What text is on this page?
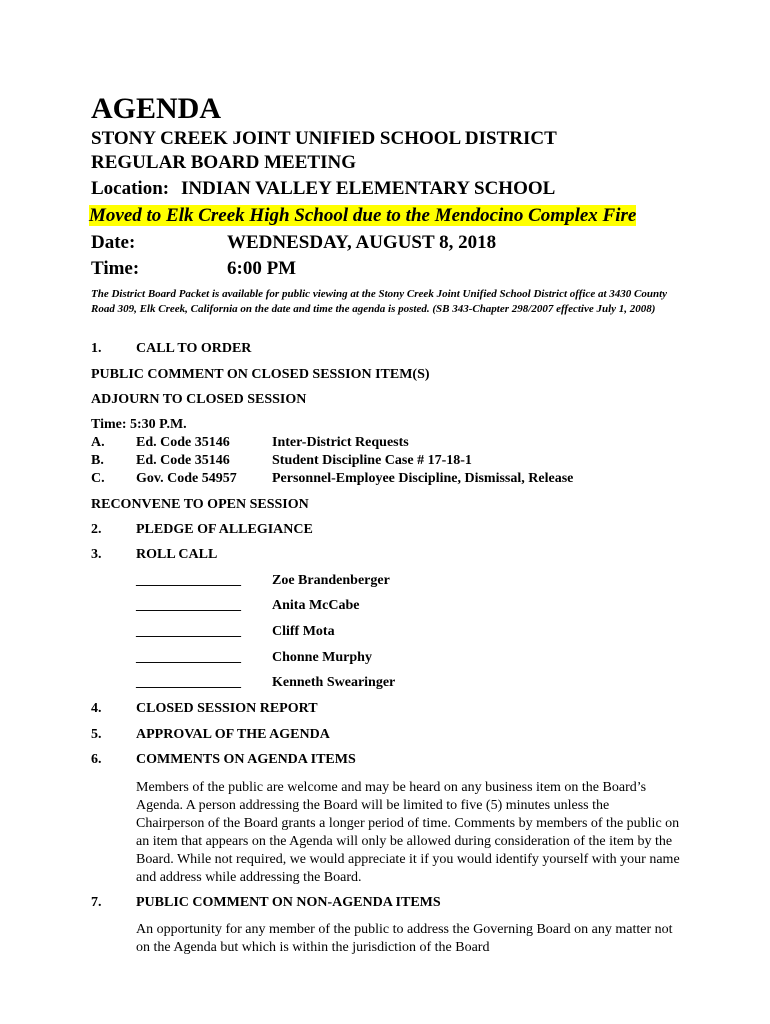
AGENDA
STONY CREEK JOINT UNIFIED SCHOOL DISTRICT
REGULAR BOARD MEETING
Location: INDIAN VALLEY ELEMENTARY SCHOOL
Moved to Elk Creek High School due to the Mendocino Complex Fire
Date:	WEDNESDAY, AUGUST 8, 2018
Time:	6:00 PM
The District Board Packet is available for public viewing at the Stony Creek Joint Unified School District office at 3430 County Road 309, Elk Creek, California on the date and time the agenda is posted. (SB 343-Chapter 298/2007 effective July 1, 2008)
1. CALL TO ORDER
PUBLIC COMMENT ON CLOSED SESSION ITEM(S)
ADJOURN TO CLOSED SESSION
Time: 5:30 P.M.
A. Ed. Code 35146	Inter-District Requests
B. Ed. Code 35146	Student Discipline Case # 17-18-1
C. Gov. Code 54957	Personnel-Employee Discipline, Dismissal, Release
RECONVENE TO OPEN SESSION
2. PLEDGE OF ALLEGIANCE
3. ROLL CALL
_______________ Zoe Brandenberger
_______________ Anita McCabe
_______________ Cliff Mota
_______________ Chonne Murphy
_______________ Kenneth Swearinger
4. CLOSED SESSION REPORT
5. APPROVAL OF THE AGENDA
6. COMMENTS ON AGENDA ITEMS
Members of the public are welcome and may be heard on any business item on the Board’s Agenda. A person addressing the Board will be limited to five (5) minutes unless the Chairperson of the Board grants a longer period of time. Comments by members of the public on an item that appears on the Agenda will only be allowed during consideration of the item by the Board. While not required, we would appreciate it if you would identify yourself with your name and address while addressing the Board.
7. PUBLIC COMMENT ON NON-AGENDA ITEMS
An opportunity for any member of the public to address the Governing Board on any matter not on the Agenda but which is within the jurisdiction of the Board
